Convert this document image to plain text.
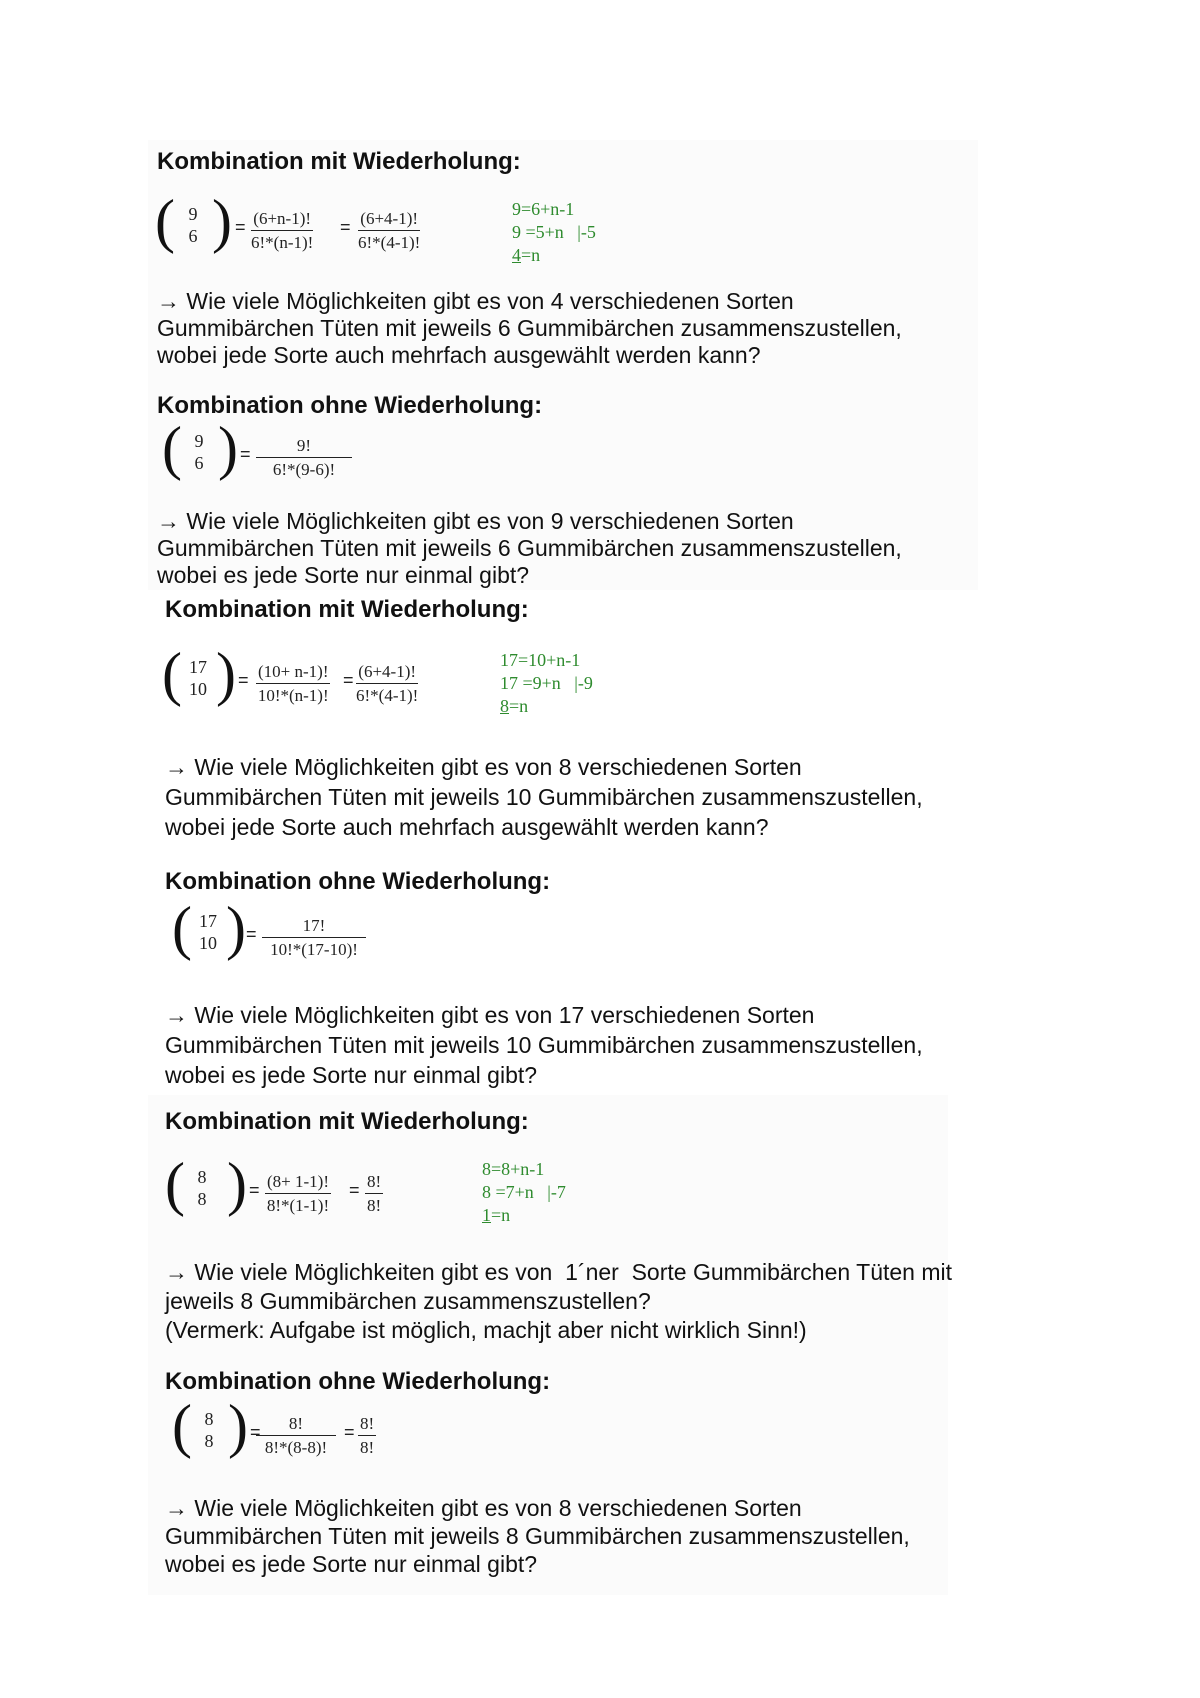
Kombination mit Wiederholung:
( 9
6 ) = $\frac{(6+n-1)!}{6!*(n-1)!} = \frac{(6+4-1)!}{6!*(4-1)!}$	9=6+n-1
9 =5+n   |-5
4=n
→ Wie viele Möglichkeiten gibt es von 4 verschiedenen Sorten
Gummibärchen Tüten mit jeweils 6 Gummibärchen zusammenszustellen,
wobei jede Sorte auch mehrfach ausgewählt werden kann?
Kombination ohne Wiederholung:
( 9
6 ) = $\frac{9!}{6!*(9-6)!}$
→ Wie viele Möglichkeiten gibt es von 9 verschiedenen Sorten
Gummibärchen Tüten mit jeweils 6 Gummibärchen zusammenszustellen,
wobei es jede Sorte nur einmal gibt?
Kombination mit Wiederholung:
( 17
10 ) = $\frac{(10+ n-1)!}{10!*(n-1)!} = \frac{(6+4-1)!}{6!*(4-1)!}$
17=10+n-1
17 =9+n   |-9
8=n
→ Wie viele Möglichkeiten gibt es von 8 verschiedenen Sorten
Gummibärchen Tüten mit jeweils 10 Gummibärchen zusammenszustellen,
wobei jede Sorte auch mehrfach ausgewählt werden kann?
Kombination ohne Wiederholung:
( 17
10 ) = $\frac{17!}{10!*(17-10)!}$
→ Wie viele Möglichkeiten gibt es von 17 verschiedenen Sorten
Gummibärchen Tüten mit jeweils 10 Gummibärchen zusammenszustellen,
wobei es jede Sorte nur einmal gibt?
Kombination mit Wiederholung:
( 8
8 ) = $\frac{(8+ 1-1)!}{8!*(1-1)!} = \frac{8!}{8!}$
8=8+n-1
8 =7+n   |-7
1=n
→ Wie viele Möglichkeiten gibt es von  1´ner  Sorte Gummibärchen Tüten mit
jeweils 8 Gummibärchen zusammenszustellen?
(Vermerk: Aufgabe ist möglich, machjt aber nicht wirklich Sinn!)
Kombination ohne Wiederholung:
( 8
8 ) =
$\frac{8!}{8!*(8-8)!} = \frac{8!}{8!}$
→ Wie viele Möglichkeiten gibt es von 8 verschiedenen Sorten
Gummibärchen Tüten mit jeweils 8 Gummibärchen zusammenszustellen,
wobei es jede Sorte nur einmal gibt?
